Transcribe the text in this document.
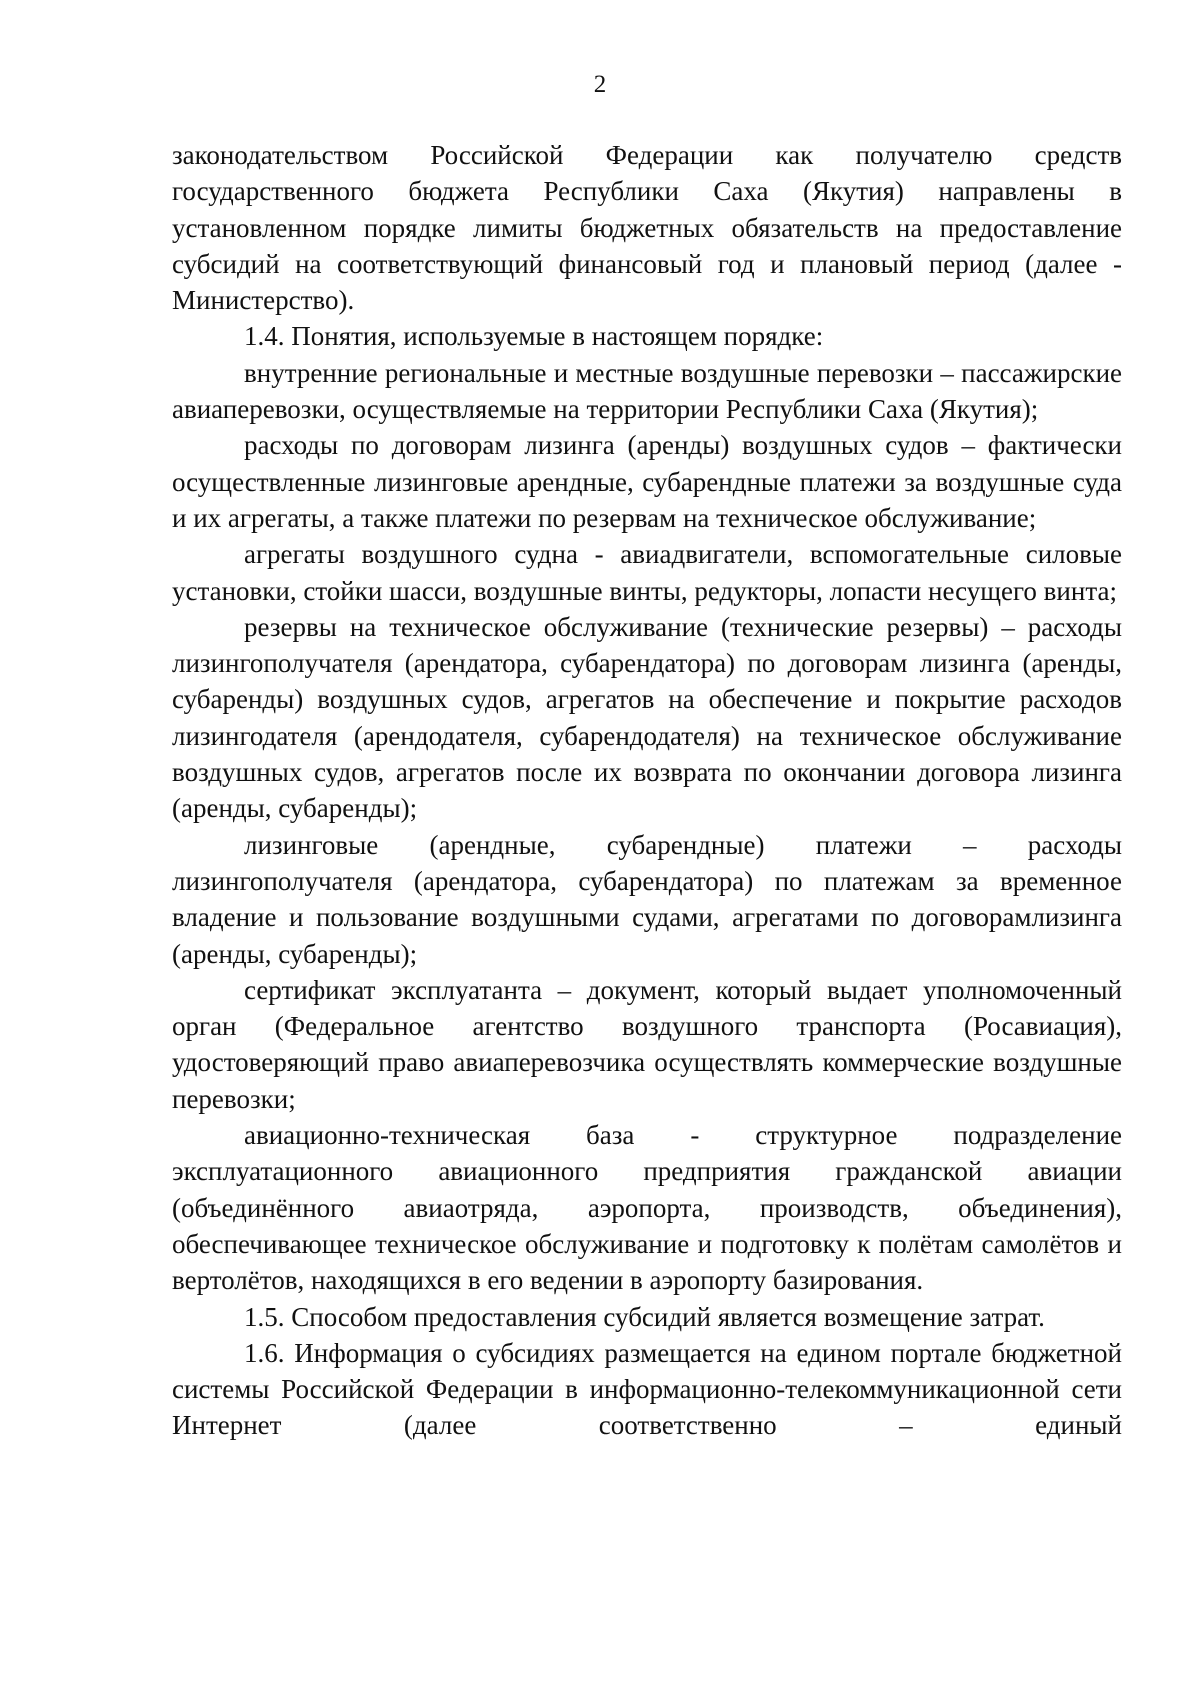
2

законодательством Российской Федерации как получателю средств государственного бюджета Республики Саха (Якутия) направлены в установленном порядке лимиты бюджетных обязательств на предоставление субсидий на соответствующий финансовый год и плановый период (далее - Министерство).

1.4. Понятия, используемые в настоящем порядке:

внутренние региональные и местные воздушные перевозки – пассажирские авиаперевозки, осуществляемые на территории Республики Саха (Якутия);

расходы по договорам лизинга (аренды) воздушных судов – фактически осуществленные лизинговые арендные, субарендные платежи за воздушные суда и их агрегаты, а также платежи по резервам на техническое обслуживание;

агрегаты воздушного судна - авиадвигатели, вспомогательные силовые установки, стойки шасси, воздушные винты, редукторы, лопасти несущего винта;

резервы на техническое обслуживание (технические резервы) – расходы лизингополучателя (арендатора, субарендатора) по договорам лизинга (аренды, субаренды) воздушных судов, агрегатов на обеспечение и покрытие расходов лизингодателя (арендодателя, субарендодателя) на техническое обслуживание воздушных судов, агрегатов после их возврата по окончании договора лизинга (аренды, субаренды);

лизинговые (арендные, субарендные) платежи – расходы лизингополучателя (арендатора, субарендатора) по платежам за временное владение и пользование воздушными судами, агрегатами по договорамлизинга (аренды, субаренды);

сертификат эксплуатанта – документ, который выдает уполномоченный орган (Федеральное агентство воздушного транспорта (Росавиация), удостоверяющий право авиаперевозчика осуществлять коммерческие воздушные перевозки;

авиационно-техническая база - структурное подразделение эксплуатационного авиационного предприятия гражданской авиации (объединённого авиаотряда, аэропорта, производств, объединения), обеспечивающее техническое обслуживание и подготовку к полётам самолётов и вертолётов, находящихся в его ведении в аэропорту базирования.

1.5. Способом предоставления субсидий является возмещение затрат.

1.6. Информация о субсидиях размещается на едином портале бюджетной системы Российской Федерации в информационно-телекоммуникационной сети Интернет (далее соответственно – единый
